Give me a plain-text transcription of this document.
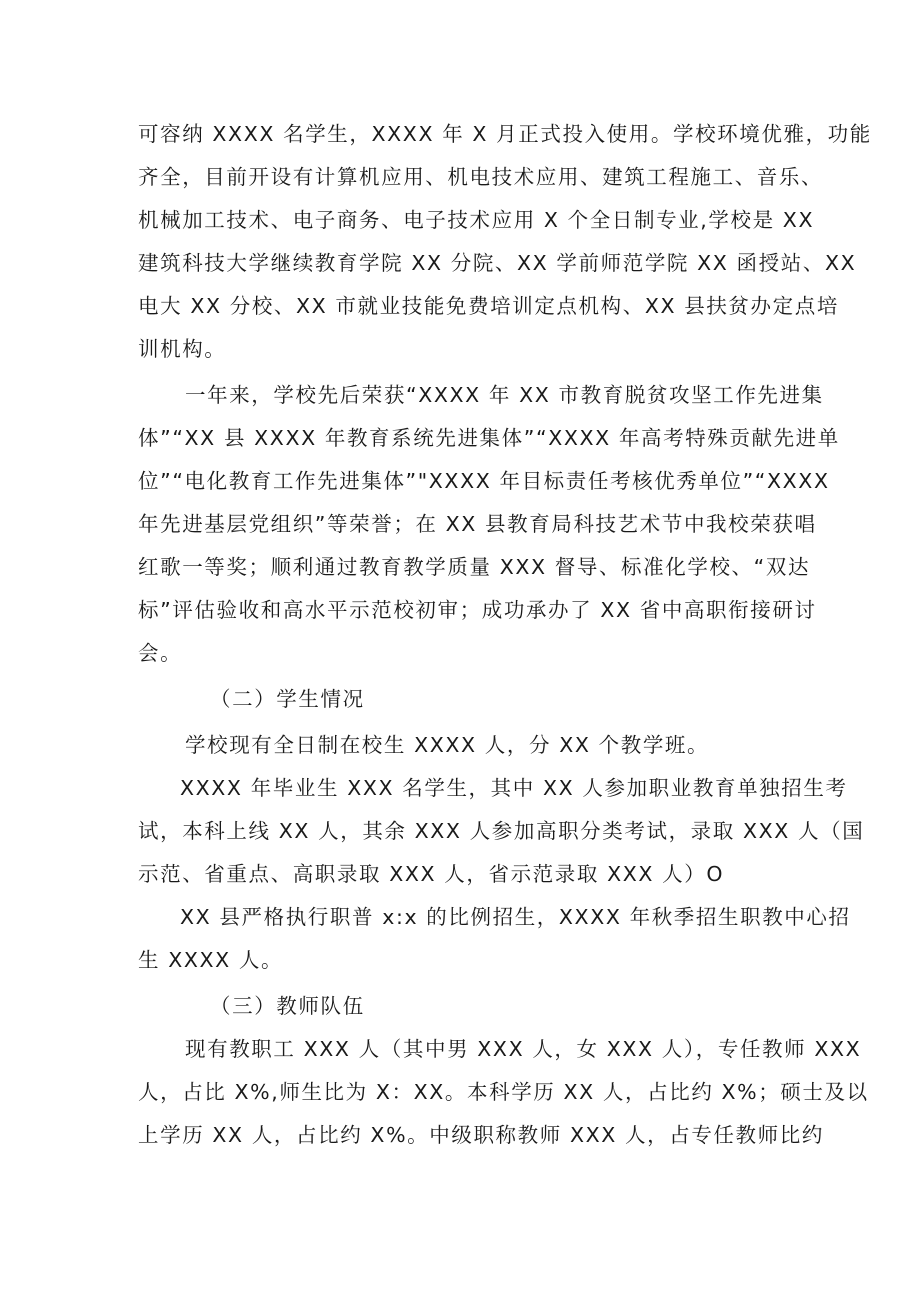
可容纳 XXXX 名学生，XXXX 年 X 月正式投入使用。学校环境优雅，功能
齐全，目前开设有计算机应用、机电技术应用、建筑工程施工、音乐、
机械加工技术、电子商务、电子技术应用 X 个全日制专业,学校是 XX
建筑科技大学继续教育学院 XX 分院、XX 学前师范学院 XX 函授站、XX
电大 XX 分校、XX 市就业技能免费培训定点机构、XX 县扶贫办定点培
训机构。
一年来，学校先后荣获“XXXX 年 XX 市教育脱贫攻坚工作先进集
体”“XX 县 XXXX 年教育系统先进集体”“XXXX 年高考特殊贡献先进单
位”“电化教育工作先进集体”"XXXX 年目标责任考核优秀单位”“XXXX
年先进基层党组织”等荣誉；在 XX 县教育局科技艺术节中我校荣获唱
红歌一等奖；顺利通过教育教学质量 XXX 督导、标准化学校、“双达
标”评估验收和高水平示范校初审；成功承办了 XX 省中高职衔接研讨
会。
（二）学生情况
学校现有全日制在校生 XXXX 人，分 XX 个教学班。
XXXX 年毕业生 XXX 名学生，其中 XX 人参加职业教育单独招生考
试，本科上线 XX 人，其余 XXX 人参加高职分类考试，录取 XXX 人（国
示范、省重点、高职录取 XXX 人，省示范录取 XXX 人）O
XX 县严格执行职普 x:x 的比例招生，XXXX 年秋季招生职教中心招
生 XXXX 人。
（三）教师队伍
现有教职工 XXX 人（其中男 XXX 人，女 XXX 人），专任教师 XXX
人，占比 X%,师生比为 X：XX。本科学历 XX 人，占比约 X%；硕士及以
上学历 XX 人，占比约 X%。中级职称教师 XXX 人，占专任教师比约
